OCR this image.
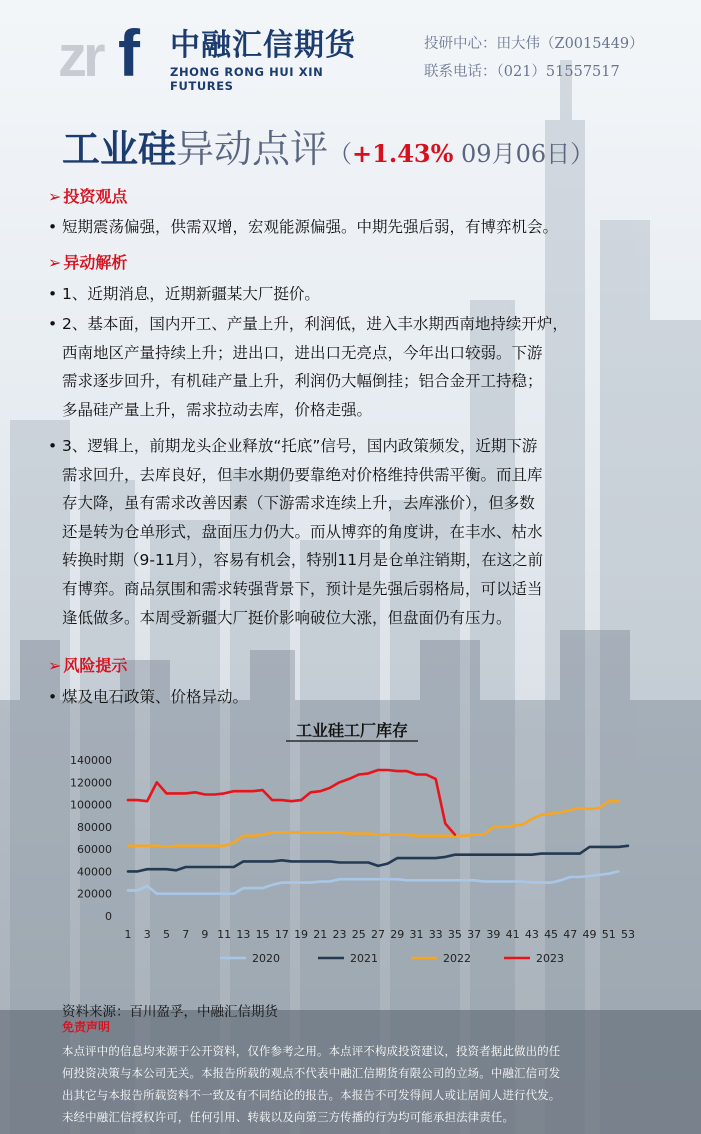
zr f 中融汇信期货
ZHONG RONG HUI XIN FUTURES
投研中心：田大伟（Z0015449）
联系电话：（021）51557517
工业硅异动点评（+1.43% 09月06日）
➢ 投资观点
• 短期震荡偏强，供需双增，宏观能源偏强。中期先强后弱，有博弈机会。
➢ 异动解析
• 1、近期消息，近期新疆某大厂挺价。
• 2、基本面，国内开工、产量上升，利润低，进入丰水期西南地持续开炉，
西南地区产量持续上升；进出口，进出口无亮点，今年出口较弱。下游
需求逐步回升，有机硅产量上升，利润仍大幅倒挂；铝合金开工持稳；
多晶硅产量上升，需求拉动去库，价格走强。
• 3、逻辑上，前期龙头企业释放“托底”信号，国内政策频发，近期下游
需求回升，去库良好，但丰水期仍要靠绝对价格维持供需平衡。而且库
存大降，虽有需求改善因素（下游需求连续上升，去库涨价），但多数
还是转为仓单形式，盘面压力仍大。而从博弈的角度讲，在丰水、枯水
转换时期（9-11月），容易有机会，特别11月是仓单注销期，在这之前
有博弈。商品氛围和需求转强背景下，预计是先强后弱格局，可以适当
逢低做多。本周受新疆大厂挺价影响破位大涨，但盘面仍有压力。
➢ 风险提示
• 煤及电石政策、价格异动。
工业硅工厂库存
0
20000
40000
60000
80000
100000
120000
140000
1 3 5 7 9 11 13 15 17 19 21 23 25 27 29 31 33 35 37 39 41 43 45 47 49 51 53
2020	2021	2022	2023
资料来源：百川盈孚，中融汇信期货
免责声明
本点评中的信息均来源于公开资料，仅作参考之用。本点评不构成投资建议，投资者据此做出的任
何投资决策与本公司无关。本报告所载的观点不代表中融汇信期货有限公司的立场。中融汇信可发
出其它与本报告所载资料不一致及有不同结论的报告。本报告不可发得间人或让居间人进行代发。
未经中融汇信授权许可，任何引用、转载以及向第三方传播的行为均可能承担法律责任。
